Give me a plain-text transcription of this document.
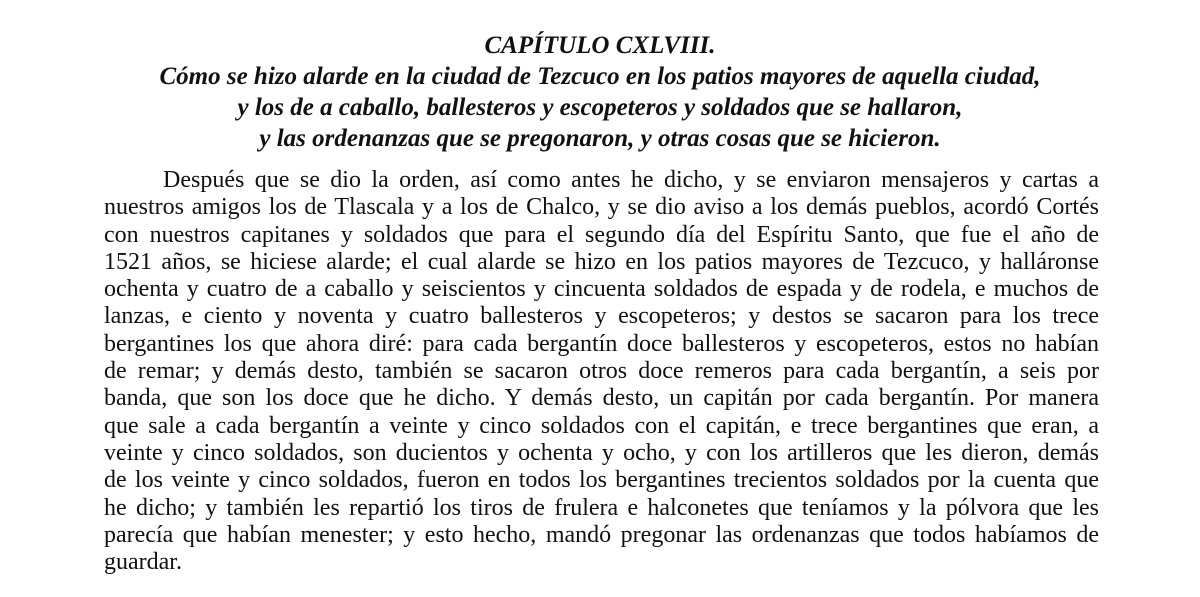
CAPÍTULO CXLVIII.
Cómo se hizo alarde en la ciudad de Tezcuco en los patios mayores de aquella ciudad,
y los de a caballo, ballesteros y escopeteros y soldados que se hallaron,
y las ordenanzas que se pregonaron, y otras cosas que se hicieron.
Después que se dio la orden, así como antes he dicho, y se enviaron mensajeros y cartas a
nuestros amigos los de Tlascala y a los de Chalco, y se dio aviso a los demás pueblos, acordó Cortés
con nuestros capitanes y soldados que para el segundo día del Espíritu Santo, que fue el año de
1521 años, se hiciese alarde; el cual alarde se hizo en los patios mayores de Tezcuco, y halláronse
ochenta y cuatro de a caballo y seiscientos y cincuenta soldados de espada y de rodela, e muchos de
lanzas, e ciento y noventa y cuatro ballesteros y escopeteros; y destos se sacaron para los trece
bergantines los que ahora diré: para cada bergantín doce ballesteros y escopeteros, estos no habían
de remar; y demás desto, también se sacaron otros doce remeros para cada bergantín, a seis por
banda, que son los doce que he dicho. Y demás desto, un capitán por cada bergantín. Por manera
que sale a cada bergantín a veinte y cinco soldados con el capitán, e trece bergantines que eran, a
veinte y cinco soldados, son ducientos y ochenta y ocho, y con los artilleros que les dieron, demás
de los veinte y cinco soldados, fueron en todos los bergantines trecientos soldados por la cuenta que
he dicho; y también les repartió los tiros de frulera e halconetes que teníamos y la pólvora que les
parecía que habían menester; y esto hecho, mandó pregonar las ordenanzas que todos habíamos de
guardar.
